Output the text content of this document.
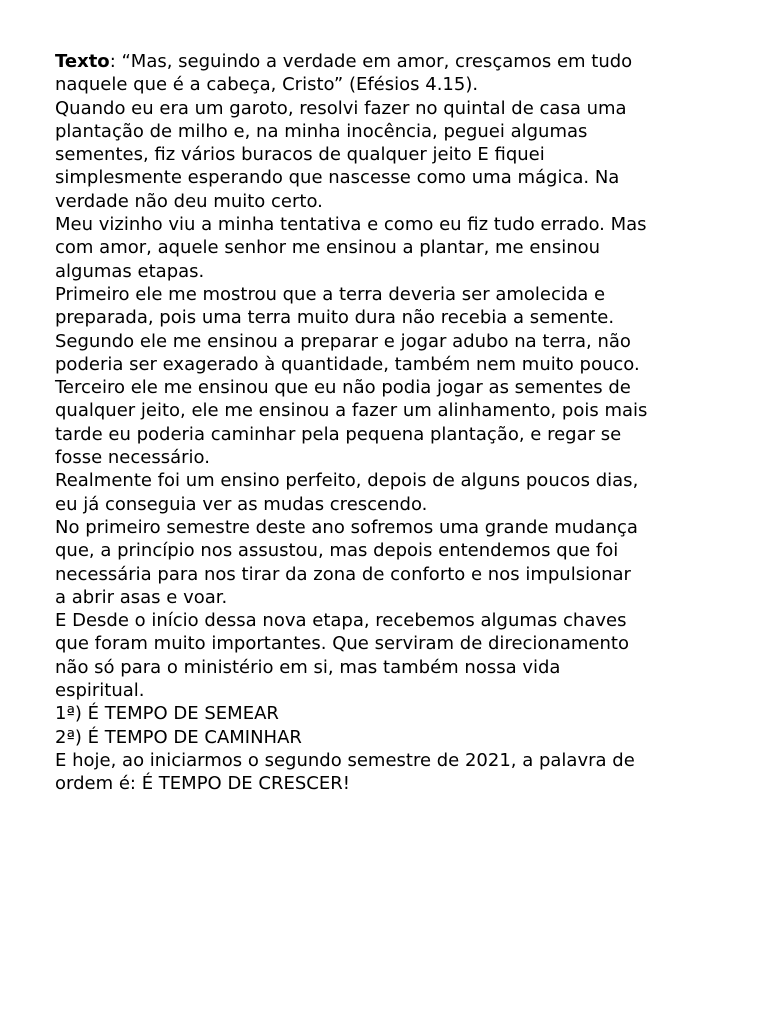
Texto: “Mas, seguindo a verdade em amor, cresçamos em tudo
naquele que é a cabeça, Cristo” (Efésios 4.15).

Quando eu era um garoto, resolvi fazer no quintal de casa uma
plantação de milho e, na minha inocência, peguei algumas
sementes, fiz vários buracos de qualquer jeito E fiquei
simplesmente esperando que nascesse como uma mágica. Na
verdade não deu muito certo.
Meu vizinho viu a minha tentativa e como eu fiz tudo errado. Mas
com amor, aquele senhor me ensinou a plantar, me ensinou
algumas etapas.
Primeiro ele me mostrou que a terra deveria ser amolecida e
preparada, pois uma terra muito dura não recebia a semente.
Segundo ele me ensinou a preparar e jogar adubo na terra, não
poderia ser exagerado à quantidade, também nem muito pouco.
Terceiro ele me ensinou que eu não podia jogar as sementes de
qualquer jeito, ele me ensinou a fazer um alinhamento, pois mais
tarde eu poderia caminhar pela pequena plantação, e regar se
fosse necessário.
Realmente foi um ensino perfeito, depois de alguns poucos dias,
eu já conseguia ver as mudas crescendo.

No primeiro semestre deste ano sofremos uma grande mudança
que, a princípio nos assustou, mas depois entendemos que foi
necessária para nos tirar da zona de conforto e nos impulsionar
a abrir asas e voar.

E Desde o início dessa nova etapa, recebemos algumas chaves
que foram muito importantes. Que serviram de direcionamento
não só para o ministério em si, mas também nossa vida
espiritual.

1ª) É TEMPO DE SEMEAR

2ª) É TEMPO DE CAMINHAR

E hoje, ao iniciarmos o segundo semestre de 2021, a palavra de
ordem é: É TEMPO DE CRESCER!
